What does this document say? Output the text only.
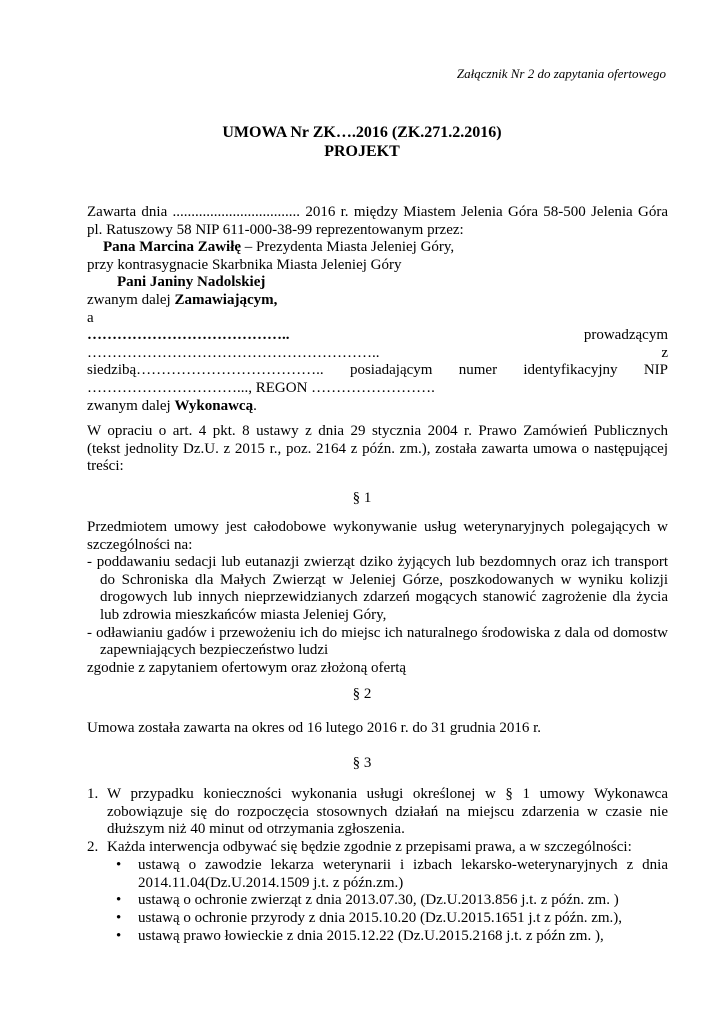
Załącznik Nr 2 do zapytania ofertowego
UMOWA Nr ZK….2016 (ZK.271.2.2016)
PROJEKT
Zawarta dnia .................................. 2016 r. między Miastem Jelenia Góra 58-500 Jelenia Góra
pl. Ratuszowy 58 NIP 611-000-38-99 reprezentowanym przez:
Pana Marcina Zawiłę – Prezydenta Miasta Jeleniej Góry,
przy kontrasygnacie Skarbnika Miasta Jeleniej Góry
Pani Janiny Nadolskiej
zwanym dalej Zamawiającym,
a
………………………………….. prowadzącym ………………………………………………….. z
siedzibą……………………………….. posiadającym numer identyfikacyjny NIP
…………………………..., REGON …………………….
zwanym dalej Wykonawcą.
W opraciu o art. 4 pkt. 8 ustawy z dnia 29 stycznia 2004 r. Prawo Zamówień Publicznych
(tekst jednolity Dz.U. z 2015 r., poz. 2164 z późn. zm.), została zawarta umowa o następującej
treści:
§ 1
Przedmiotem umowy jest całodobowe wykonywanie usług weterynaryjnych polegających w
szczególności na:
- poddawaniu sedacji lub eutanazji zwierząt dziko żyjących lub bezdomnych oraz ich transport do Schroniska dla Małych Zwierząt w Jeleniej Górze, poszkodowanych w wyniku kolizji drogowych lub innych nieprzewidzianych zdarzeń mogących stanowić zagrożenie dla życia lub zdrowia mieszkańców miasta Jeleniej Góry,
- odławianiu gadów i przewożeniu ich do miejsc ich naturalnego środowiska z dala od domostw zapewniających bezpieczeństwo ludzi
zgodnie z zapytaniem ofertowym oraz złożoną ofertą
§ 2
Umowa została zawarta na okres od 16 lutego 2016 r. do 31 grudnia 2016 r.
§ 3
1. W przypadku konieczności wykonania usługi określonej w § 1 umowy Wykonawca zobowiązuje się do rozpoczęcia stosownych działań na miejscu zdarzenia w czasie nie dłuższym niż 40 minut od otrzymania zgłoszenia.
2. Każda interwencja odbywać się będzie zgodnie z przepisami prawa, a w szczególności:
• ustawą o zawodzie lekarza weterynarii i izbach lekarsko-weterynaryjnych z dnia 2014.11.04(Dz.U.2014.1509 j.t. z późn.zm.)
• ustawą o ochronie zwierząt z dnia 2013.07.30, (Dz.U.2013.856 j.t. z późn. zm. )
• ustawą o ochronie przyrody z dnia 2015.10.20 (Dz.U.2015.1651 j.t z późn. zm.),
• ustawą prawo łowieckie z dnia 2015.12.22 (Dz.U.2015.2168 j.t. z późn zm. ),
